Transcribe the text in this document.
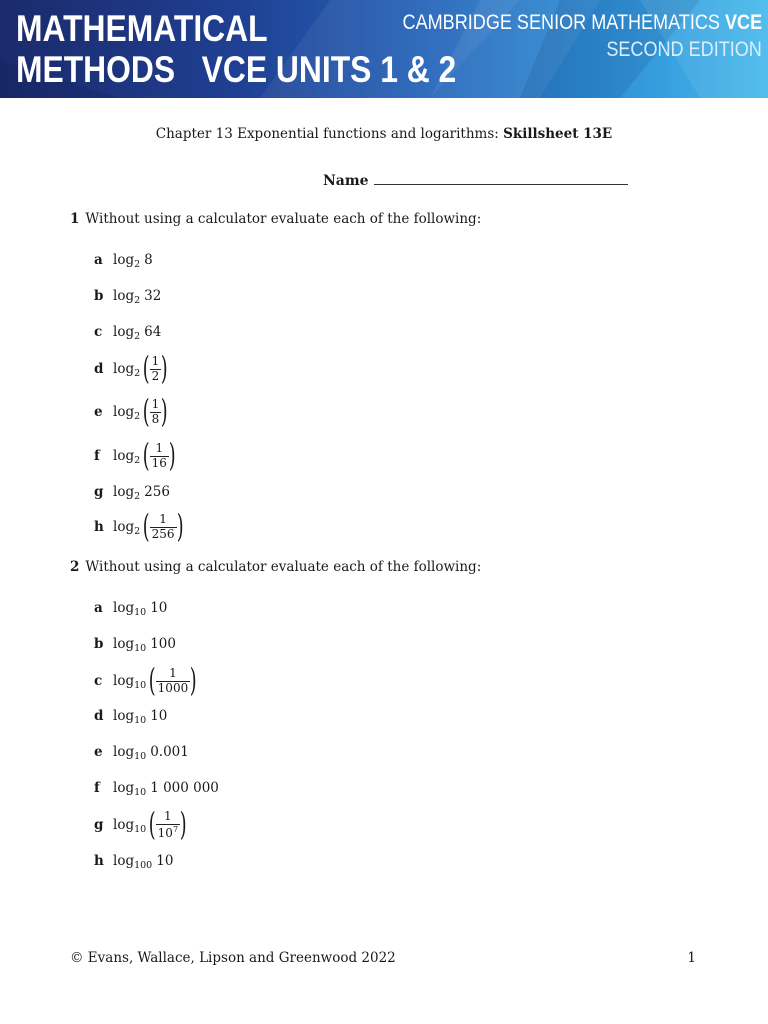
MATHEMATICAL
METHODS   VCE UNITS 1 & 2
CAMBRIDGE SENIOR MATHEMATICS VCE
SECOND EDITION
Chapter 13 Exponential functions and logarithms: Skillsheet 13E
Name
1 Without using a calculator evaluate each of the following:
a $\log_2 8$
b $\log_2 32$
c $\log_2 64$
d $\log_2$ ( $\frac{1}{2}$ )
e $\log_2$ ( $\frac{1}{8}$ )
f $\log_2$ ( $\frac{1}{16}$ )
g $\log_2 256$
h $\log_2$ ( $\frac{1}{256}$ )
2 Without using a calculator evaluate each of the following:
a $\log_{10} 10$
b $\log_{10} 100$
c $\log_{10}$ ( $\frac{1}{1000}$ )
d $\log_{10} 10$
e $\log_{10} 0.001$
f $\log_{10} 1$ 000 000
g $\log_{10}$ ( $\frac{1}{10^7}$ )
h $\log_{100} 10$
© Evans, Wallace, Lipson and Greenwood 2022	1
